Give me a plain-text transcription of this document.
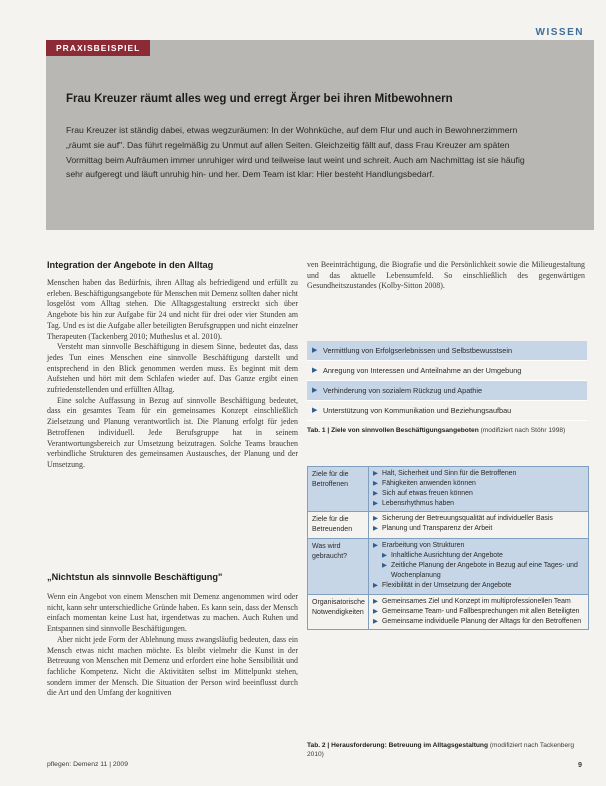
WISSEN
PRAXISBEISPIEL
Frau Kreuzer räumt alles weg und erregt Ärger bei ihren Mitbewohnern
Frau Kreuzer ist ständig dabei, etwas wegzuräumen: In der Wohnküche, auf dem Flur und auch in Bewohnerzimmern „räumt sie auf". Das führt regelmäßig zu Unmut auf allen Seiten. Gleichzeitig fällt auf, dass Frau Kreuzer am späten Vormittag beim Aufräumen immer unruhiger wird und teilweise laut weint und schreit. Auch am Nachmittag ist sie häufig sehr aufgeregt und läuft unruhig hin- und her. Dem Team ist klar: Hier besteht Handlungsbedarf.
Integration der Angebote in den Alltag

Menschen haben das Bedürfnis, ihren Alltag als befriedigend und erfüllt zu erleben. Beschäftigungsangebote für Menschen mit Demenz sollten daher nicht losgelöst vom Alltag stehen. Die Alltagsgestaltung erstreckt sich über Angebote bis hin zur Aufgabe für 24 und nicht für drei oder vier Stunden am Tag. Und es ist die Aufgabe aller beteiligten Berufsgruppen und nicht einzelner Therapeuten (Tackenberg 2010; Mutheslus et al. 2010).

Versteht man sinnvolle Beschäftigung in diesem Sinne, bedeutet das, dass jedes Tun eines Menschen eine sinnvolle Beschäftigung darstellt und entsprechend in den Blick genommen werden muss. Es beginnt mit dem Aufstehen und hört mit dem Schlafen wieder auf. Das Ganze ergibt einen zufriedenstellenden und erfüllten Alltag.

Eine solche Auffassung in Bezug auf sinnvolle Beschäftigung bedeutet, dass ein gesamtes Team für ein gemeinsames Konzept einschließlich Zielsetzung und Planung verantwortlich ist. Die Planung erfolgt für jeden Betroffenen individuell. Jede Berufsgruppe hat in seinem Verantwortungsbereich zur Umsetzung beizutragen. Solche Teams brauchen verbindliche Strukturen des gemeinsamen Austausches, der Planung und der Umsetzung.

„Nichtstun als sinnvolle Beschäftigung"

Wenn ein Angebot von einem Menschen mit Demenz angenommen wird oder nicht, kann sehr unterschiedliche Gründe haben. Es kann sein, dass der Mensch einfach momentan keine Lust hat, irgendetwas zu machen. Auch Ruhen und Entspannen sind sinnvolle Beschäftigungen.

Aber nicht jede Form der Ablehnung muss zwangsläufig bedeuten, dass ein Mensch etwas nicht machen möchte. Es bleibt vielmehr die Kunst in der Betreuung von Menschen mit Demenz und erfordert eine hohe Sensibilität und fachliche Kompetenz. Nicht die Aktivitäten selbst im Mittelpunkt stehen, sondern immer der Mensch. Die Situation der Person wird beeinflusst durch die Art und den Umfang der kognitiven

ven Beeinträchtigung, die Biografie und die Persönlichkeit sowie die Milieugestaltung und das aktuelle Lebensumfeld. So einschließlich des gegenwärtigen Gesundheitszustandes (Kolby-Sitton 2008).

▶ Vermittlung von Erfolgserlebnissen und Selbstbewusstsein
▶ Anregung von Interessen und Anteilnahme an der Umgebung
▶ Verhinderung von sozialem Rückzug und Apathie
▶ Unterstützung von Kommunikation und Beziehungsaufbau
Tab. 1 | Ziele von sinnvollen Beschäftigungsangeboten (modifiziert nach Stöhr 1998)
Ziele für die Betroffenen
▶ Halt, Sicherheit und Sinn für die Betroffenen
▶ Fähigkeiten anwenden können
▶ Sich auf etwas freuen können
▶ Lebensrhythmus haben
Ziele für die Betreuenden
▶ Sicherung der Betreuungsqualität auf individueller Basis
▶ Planung und Transparenz der Arbeit
Was wird gebraucht?
▶ Erarbeitung von Strukturen
▶ Inhaltliche Ausrichtung der Angebote
▶ Zeitliche Planung der Angebote in Bezug auf eine Tages- und Wochenplanung
▶ Flexibilität in der Umsetzung der Angebote
Organisatorische Notwendigkeiten
▶ Gemeinsames Ziel und Konzept im multiprofessionellen Team
▶ Gemeinsame Team- und Fallbesprechungen mit allen Beteiligten
▶ Gemeinsame individuelle Planung der Alltags für den Betroffenen
Tab. 2 | Herausforderung: Betreuung im Alltagsgestaltung (modifiziert nach Tackenberg 2010)
pflegen: Demenz 11 | 2009	9
